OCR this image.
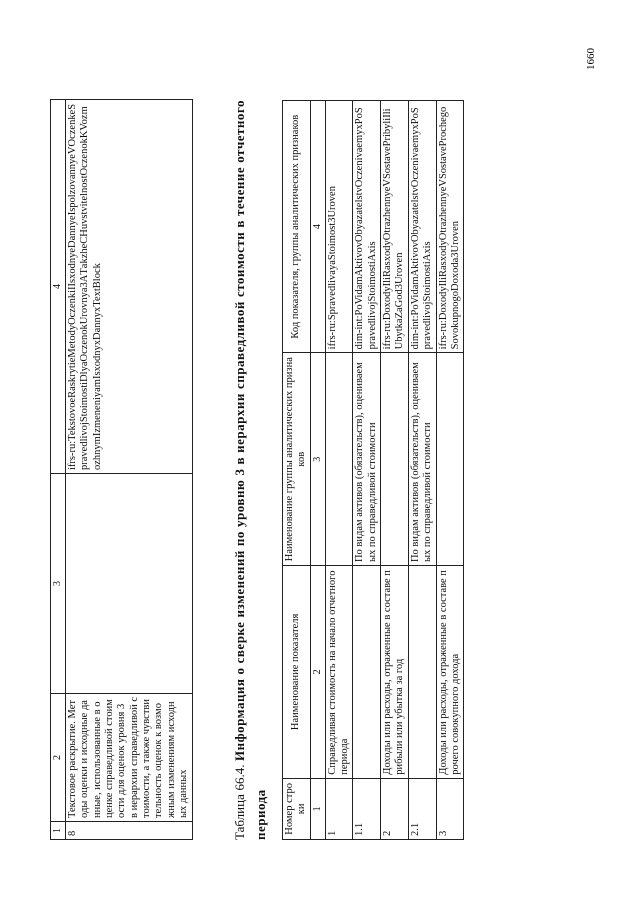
1	2	3	4
8	Текстовое раскрытие. Методы оценки и исходные данные, использованные в оценке справедливой стоимости для оценок уровня 3 в иерархии справедливой стоимости, а также чувствительность оценок к возможным изменениям исходных данных		ifrs-ru:TekstovoeRaskrytieMetodyOczenkiIIsxodnyeDannyeIspolzovannyeVOczenkeSpravedlivojStoimostiDlyaOczenokUrovnya3AТakzheCHuvstvitelnostOczenokKVozmozhnymIzmeneniyamIsxodnyxDannyxTextBlock
Таблица 66.4. Информация о сверке изменений по уровню 3 в иерархии справедливой стоимости в течение отчетного периода	Номер строки	Наименование показателя	Наименование группы аналитических признаков	Код показателя, группы аналитических признаков
1	2	3	4
1	Справедливая стоимость на начало отчетного периода		ifrs-ru:SpravedlivayaStoimost3Uroven
1.1		По видам активов (обязательств), оцениваемых по справедливой стоимости	dim-int:PoVidamAktivovObyazatelstvOczenivaemyxPoSpravedlivojStoimostiAxis
2	Доходы или расходы, отраженные в составе прибыли или убытка за год		ifrs-ru:DoxodyIliRasxodyOtrazhennyeVSostavePribyliIliUbytkaZaGod3Uroven
2.1		По видам активов (обязательств), оцениваемых по справедливой стоимости	dim-int:PoVidamAktivovObyazatelstvOczenivaemyxPoSpravedlivojStoimostiAxis
3	Доходы или расходы, отраженные в составе прочего совокупного дохода		ifrs-ru:DoxodyIliRasxodyOtrazhennyeVSostaveProchegoSovokupnogoDoxoda3Uroven
1660
